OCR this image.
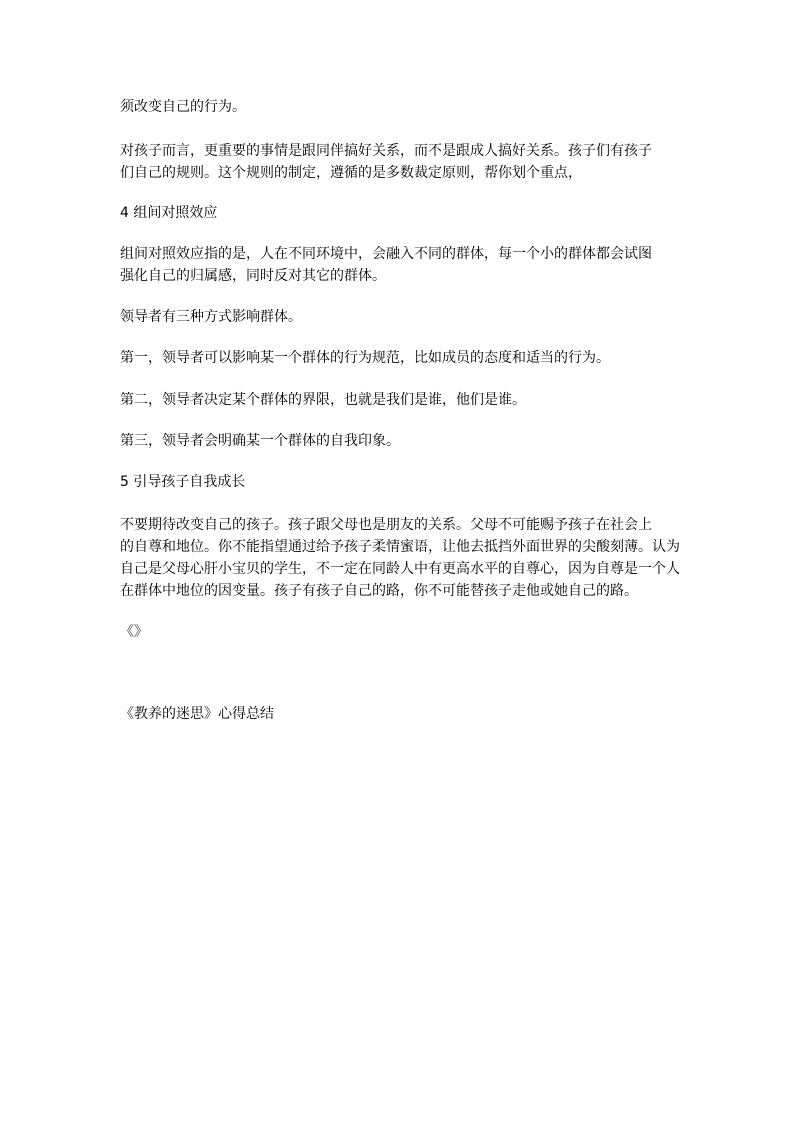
须改变自己的行为。
对孩子而言，更重要的事情是跟同伴搞好关系，而不是跟成人搞好关系。孩子们有孩子
们自己的规则。这个规则的制定，遵循的是多数裁定原则，帮你划个重点，
4 组间对照效应
组间对照效应指的是，人在不同环境中，会融入不同的群体，每一个小的群体都会试图
强化自己的归属感，同时反对其它的群体。
领导者有三种方式影响群体。
第一，领导者可以影响某一个群体的行为规范，比如成员的态度和适当的行为。
第二，领导者决定某个群体的界限，也就是我们是谁，他们是谁。
第三，领导者会明确某一个群体的自我印象。
5 引导孩子自我成长
不要期待改变自己的孩子。孩子跟父母也是朋友的关系。父母不可能赐予孩子在社会上
的自尊和地位。你不能指望通过给予孩子柔情蜜语，让他去抵挡外面世界的尖酸刻薄。认为
自己是父母心肝小宝贝的学生，不一定在同龄人中有更高水平的自尊心，因为自尊是一个人
在群体中地位的因变量。孩子有孩子自己的路，你不可能替孩子走他或她自己的路。
《》
《教养的迷思》心得总结
